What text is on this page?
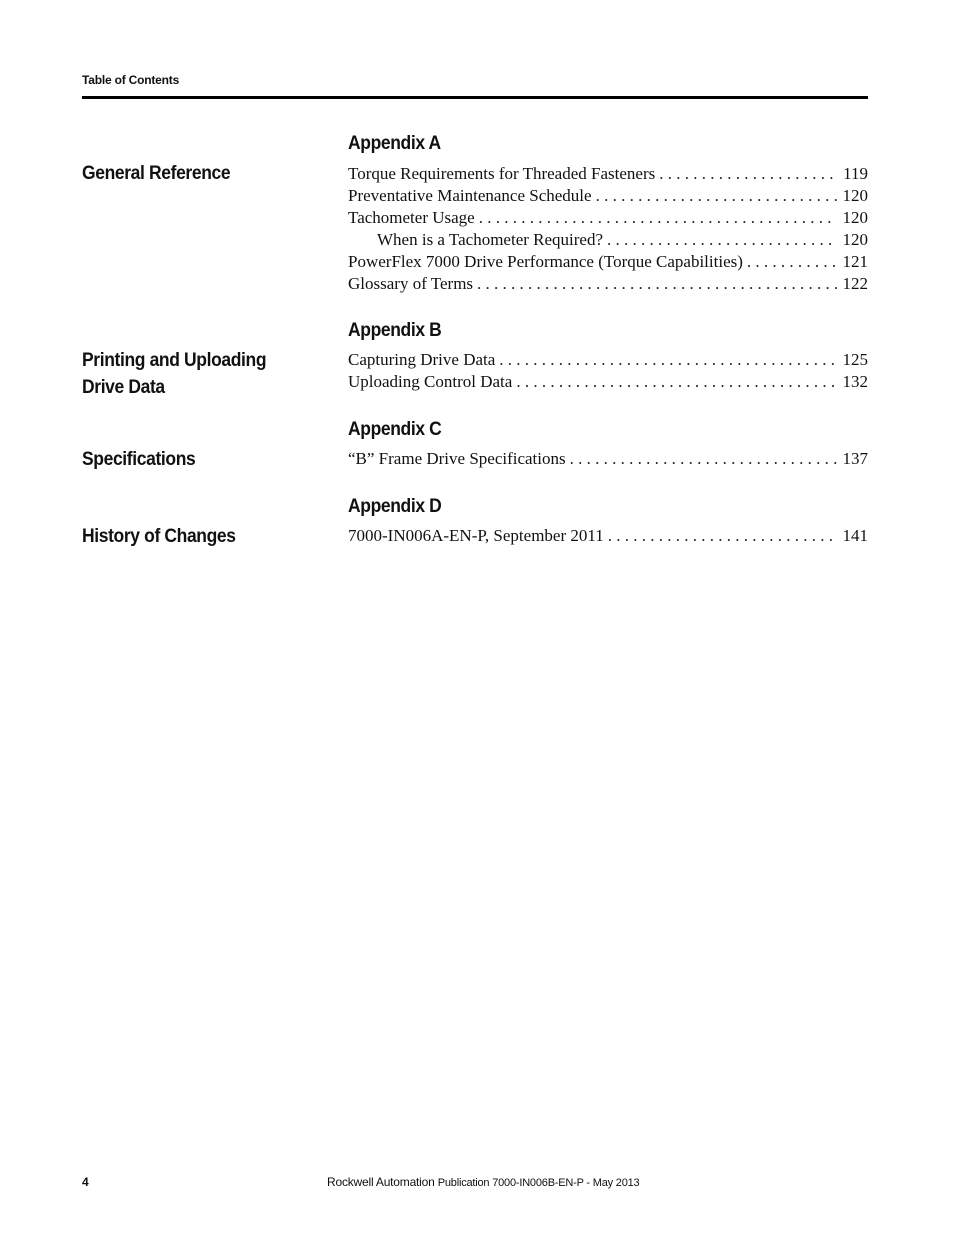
Table of Contents
Appendix A
General Reference	Torque Requirements for Threaded Fasteners . . .	119
Preventative Maintenance Schedule . . .	120
Tachometer Usage . . .	120
When is a Tachometer Required? . . .	120
PowerFlex 7000 Drive Performance (Torque Capabilities) . . .	121
Glossary of Terms . . .	122
Appendix B
Printing and Uploading Drive Data
Capturing Drive Data . . .	125
Uploading Control Data . . .	132
Appendix C
Specifications	“B” Frame Drive Specifications . . .	137
Appendix D
History of Changes	7000-IN006A-EN-P, September 2011 . . .	141
4	Rockwell Automation Publication 7000-IN006B-EN-P - May 2013
